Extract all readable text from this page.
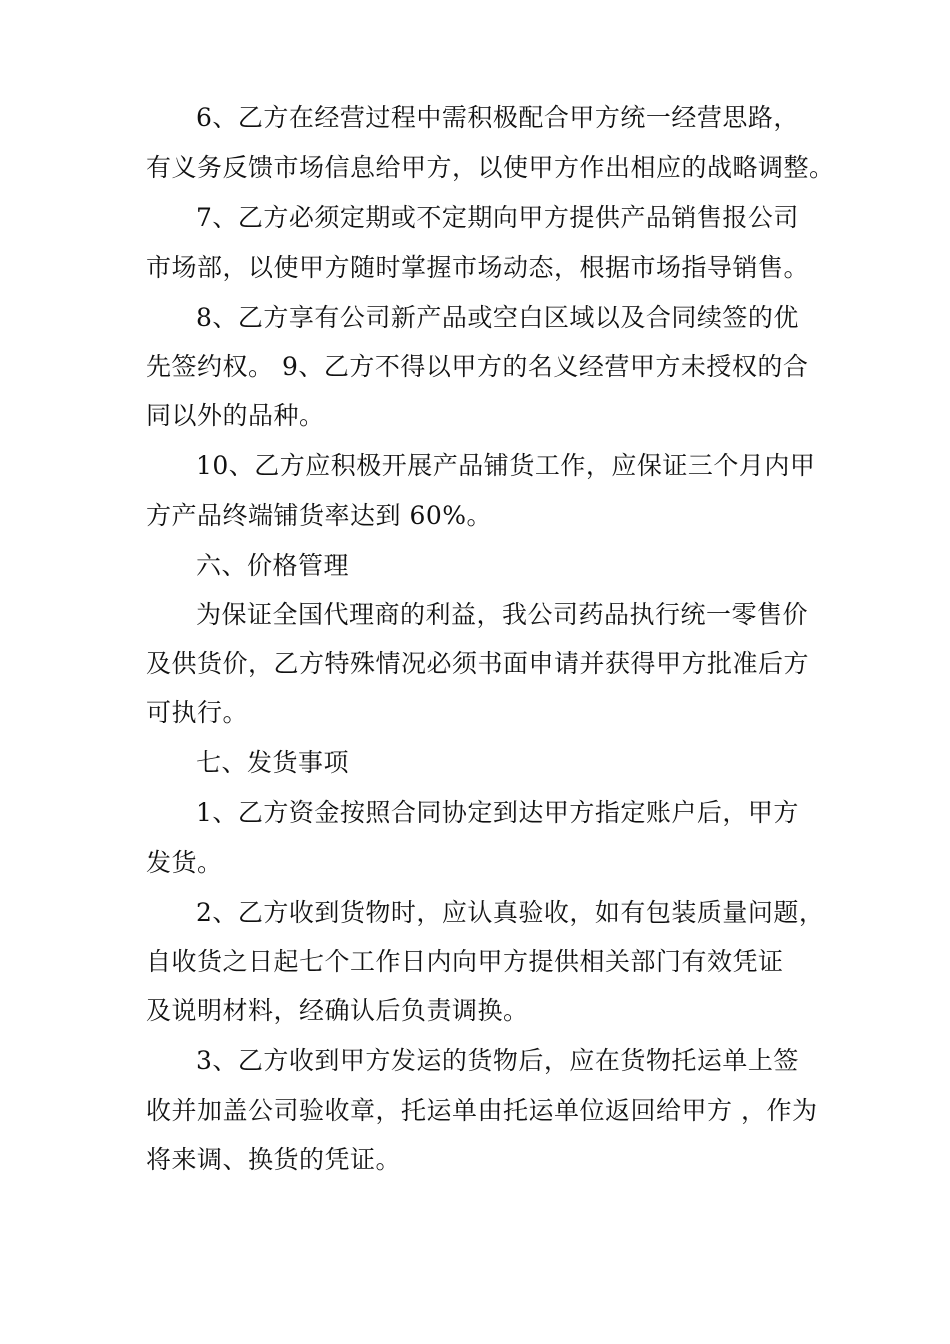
6、乙方在经营过程中需积极配合甲方统一经营思路，
有义务反馈市场信息给甲方，以使甲方作出相应的战略调整。
7、乙方必须定期或不定期向甲方提供产品销售报公司
市场部，以使甲方随时掌握市场动态，根据市场指导销售。
8、乙方享有公司新产品或空白区域以及合同续签的优
先签约权。 9、乙方不得以甲方的名义经营甲方未授权的合
同以外的品种。
10、乙方应积极开展产品铺货工作，应保证三个月内甲
方产品终端铺货率达到 60%。
六、价格管理
为保证全国代理商的利益，我公司药品执行统一零售价
及供货价，乙方特殊情况必须书面申请并获得甲方批准后方
可执行。
七、发货事项
1、乙方资金按照合同协定到达甲方指定账户后，甲方
发货。
2、乙方收到货物时，应认真验收，如有包装质量问题，
自收货之日起七个工作日内向甲方提供相关部门有效凭证
及说明材料，经确认后负责调换。
3、乙方收到甲方发运的货物后，应在货物托运单上签
收并加盖公司验收章，托运单由托运单位返回给甲方 ，作为
将来调、换货的凭证。
